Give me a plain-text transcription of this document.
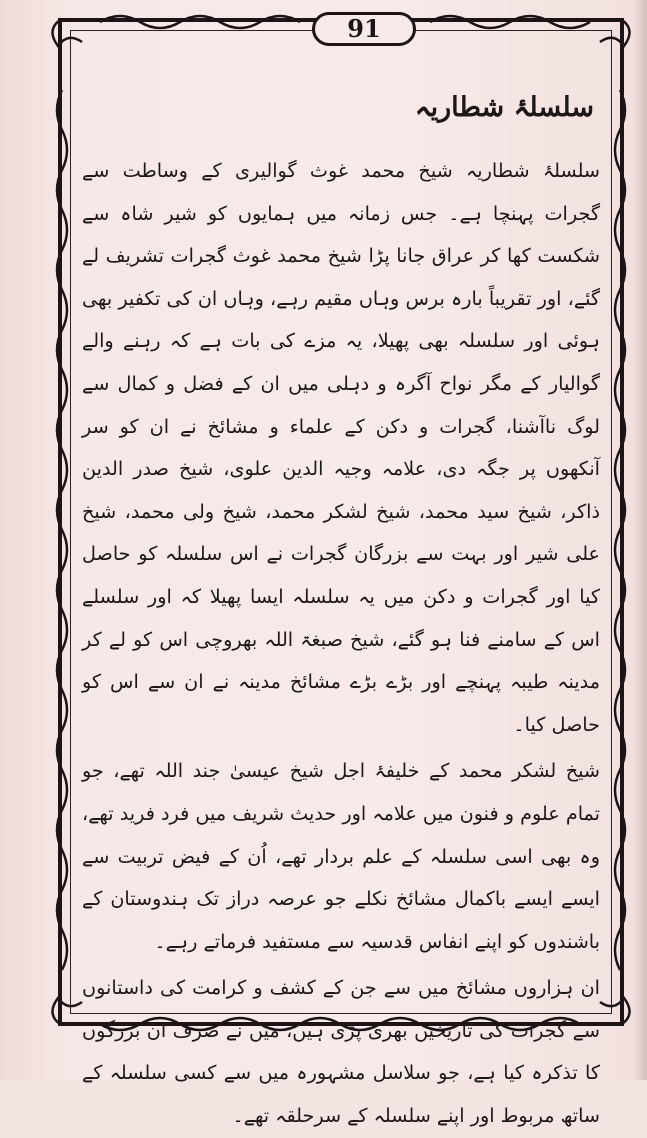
91
سلسلۂ شطاریہ

سلسلۂ شطاریہ شیخ محمد غوث گوالیری کے وساطت سے گجرات پہنچا ہے۔ جس زمانہ میں ہمایوں کو شیر شاہ سے شکست کھا کر عراق جانا پڑا شیخ محمد غوث گجرات تشریف لے گئے، اور تقریباً بارہ برس وہاں مقیم رہے، وہاں ان کی تکفیر بھی ہوئی اور سلسلہ بھی پھیلا، یہ مزے کی بات ہے کہ رہنے والے گوالیار کے مگر نواح آگرہ و دہلی میں ان کے فضل و کمال سے لوگ ناآشنا، گجرات و دکن کے علماء و مشائخ نے ان کو سر آنکھوں پر جگہ دی، علامہ وجیہ الدین علوی، شیخ صدر الدین ذاکر، شیخ سید محمد، شیخ لشکر محمد، شیخ ولی محمد، شیخ علی شیر اور بہت سے بزرگان گجرات نے اس سلسلہ کو حاصل کیا اور گجرات و دکن میں یہ سلسلہ ایسا پھیلا کہ اور سلسلے اس کے سامنے فنا ہو گئے، شیخ صبغۃ اللہ بھروچی اس کو لے کر مدینہ طیبہ پہنچے اور بڑے بڑے مشائخ مدینہ نے ان سے اس کو حاصل کیا۔

شیخ لشکر محمد کے خلیفۂ اجل شیخ عیسیٰ جند اللہ تھے، جو تمام علوم و فنون میں علامہ اور حدیث شریف میں فرد فرید تھے، وہ بھی اسی سلسلہ کے علم بردار تھے، اُن کے فیض تربیت سے ایسے ایسے باکمال مشائخ نکلے جو عرصہ دراز تک ہندوستان کے باشندوں کو اپنے انفاس قدسیہ سے مستفید فرماتے رہے۔

ان ہزاروں مشائخ میں سے جن کے کشف و کرامت کی داستانوں سے گجرات کی تاریخیں بھری پڑی ہیں، میں نے صرف ان بزرگوں کا تذکرہ کیا ہے، جو سلاسل مشہورہ میں سے کسی سلسلہ کے ساتھ مربوط اور اپنے سلسلہ کے سرحلقہ تھے۔
